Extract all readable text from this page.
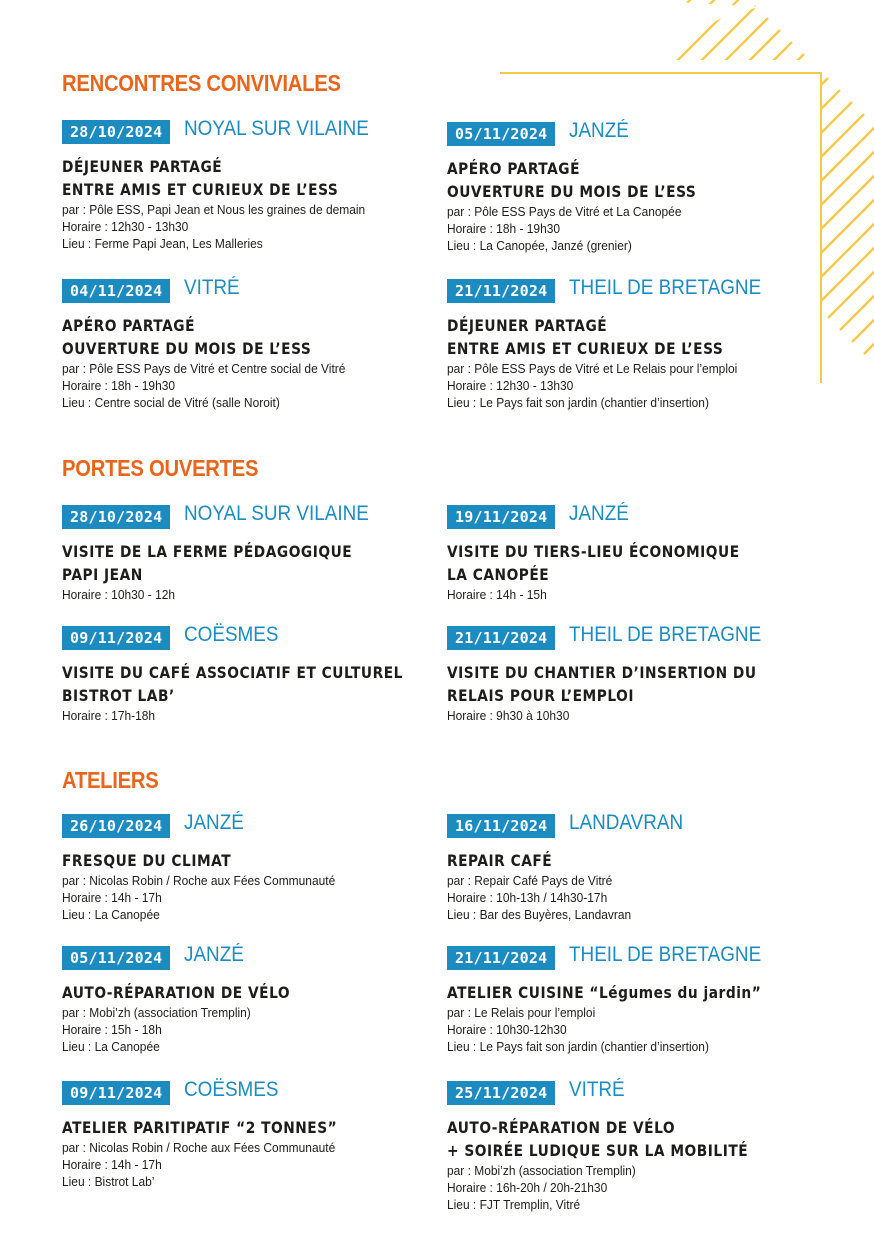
RENCONTRES CONVIVIALES
28/10/2024	NOYAL SUR VILAINE
DÉJEUNER PARTAGÉ
ENTRE AMIS ET CURIEUX DE L’ESS
par : Pôle ESS, Papi Jean et Nous les graines de demain
Horaire : 12h30 - 13h30
Lieu : Ferme Papi Jean, Les Malleries
05/11/2024	JANZÉ
APÉRO PARTAGÉ
OUVERTURE DU MOIS DE L’ESS
par : Pôle ESS Pays de Vitré et La Canopée
Horaire : 18h - 19h30
Lieu : La Canopée, Janzé (grenier)
04/11/2024	VITRÉ
APÉRO PARTAGÉ
OUVERTURE DU MOIS DE L’ESS
par : Pôle ESS Pays de Vitré et Centre social de Vitré
Horaire : 18h - 19h30
Lieu : Centre social de Vitré (salle Noroit)
21/11/2024	THEIL DE BRETAGNE
DÉJEUNER PARTAGÉ
ENTRE AMIS ET CURIEUX DE L’ESS
par : Pôle ESS Pays de Vitré et Le Relais pour l’emploi
Horaire : 12h30 - 13h30
Lieu : Le Pays fait son jardin (chantier d’insertion)
PORTES OUVERTES
28/10/2024	NOYAL SUR VILAINE
VISITE DE LA FERME PÉDAGOGIQUE
PAPI JEAN
Horaire : 10h30 - 12h
19/11/2024	JANZÉ
VISITE DU TIERS-LIEU ÉCONOMIQUE
LA CANOPÉE
Horaire : 14h - 15h
09/11/2024	COËSMES
VISITE DU CAFÉ ASSOCIATIF ET CULTUREL
BISTROT LAB’
Horaire : 17h-18h
21/11/2024	THEIL DE BRETAGNE
VISITE DU CHANTIER D’INSERTION DU
RELAIS POUR L’EMPLOI
Horaire : 9h30 à 10h30
ATELIERS
26/10/2024	JANZÉ
FRESQUE DU CLIMAT
par : Nicolas Robin / Roche aux Fées Communauté
Horaire : 14h - 17h
Lieu : La Canopée
16/11/2024	LANDAVRAN
REPAIR CAFÉ
par : Repair Café Pays de Vitré
Horaire : 10h-13h / 14h30-17h
Lieu : Bar des Buyères, Landavran
05/11/2024	JANZÉ
AUTO-RÉPARATION DE VÉLO
par : Mobi’zh (association Tremplin)
Horaire : 15h - 18h
Lieu : La Canopée
21/11/2024	THEIL DE BRETAGNE
ATELIER CUISINE “Légumes du jardin”
par : Le Relais pour l’emploi
Horaire : 10h30-12h30
Lieu : Le Pays fait son jardin (chantier d’insertion)
09/11/2024	COËSMES
ATELIER PARITIPATIF “2 TONNES”
par : Nicolas Robin / Roche aux Fées Communauté
Horaire : 14h - 17h
Lieu : Bistrot Lab’
25/11/2024	VITRÉ
AUTO-RÉPARATION DE VÉLO
+ SOIRÉE LUDIQUE SUR LA MOBILITÉ
par : Mobi’zh (association Tremplin)
Horaire : 16h-20h / 20h-21h30
Lieu : FJT Tremplin, Vitré
